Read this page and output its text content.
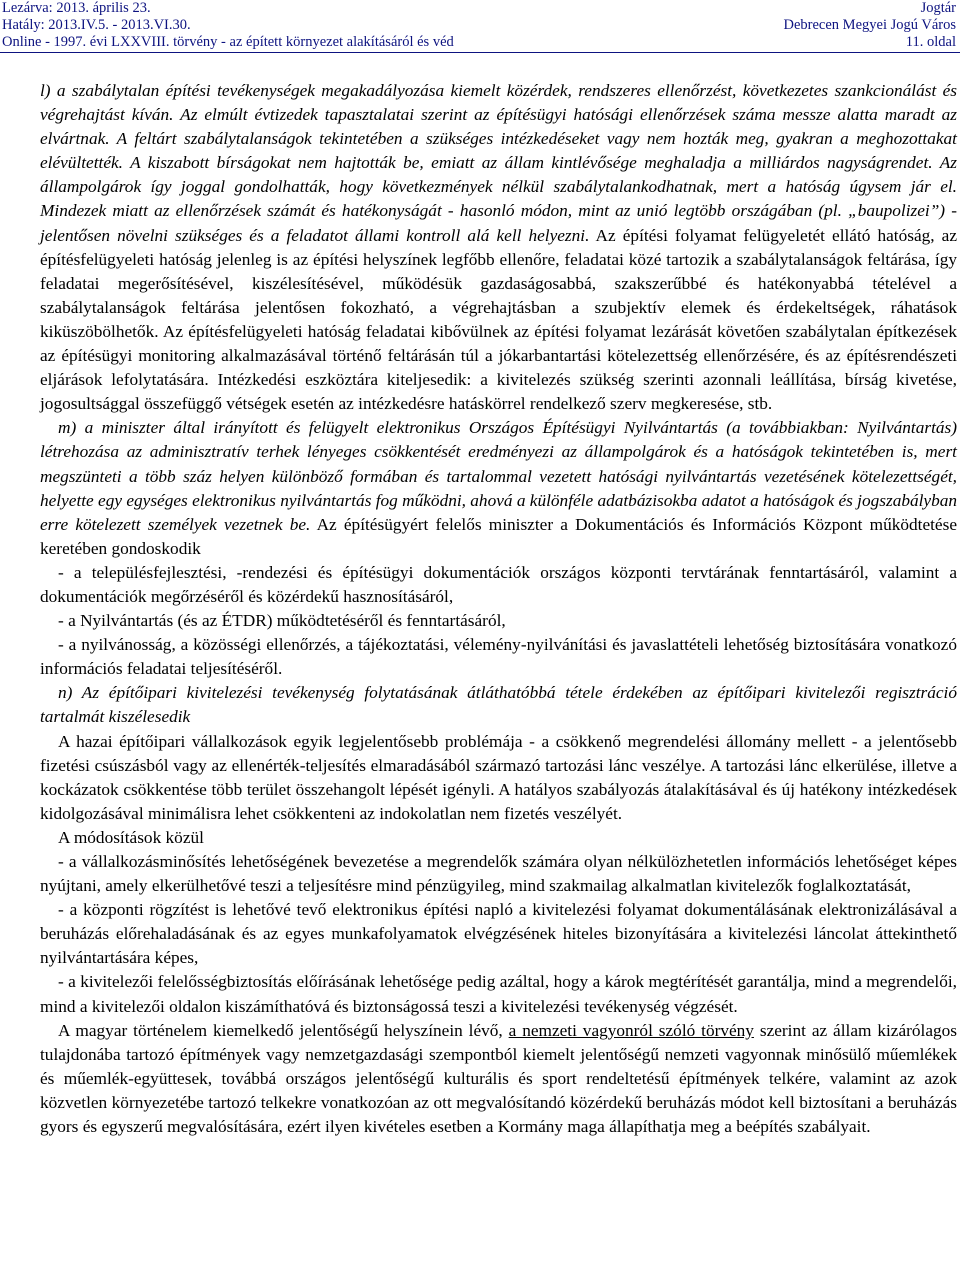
Lezárva: 2013. április 23.
Hatály: 2013.IV.5. - 2013.VI.30.
Online - 1997. évi LXXVIII. törvény - az épített környezet alakításáról és véd
Jogtár
Debrecen Megyei Jogú Város
11. oldal

l) a szabálytalan építési tevékenységek megakadályozása kiemelt közérdek, rendszeres ellenőrzést, következetes szankcionálást és végrehajtást kíván. Az elmúlt évtizedek tapasztalatai szerint az építésügyi hatósági ellenőrzések száma messze alatta maradt az elvártnak. A feltárt szabálytalanságok tekintetében a szükséges intézkedéseket vagy nem hozták meg, gyakran a meghozottakat elévültették. A kiszabott bírságokat nem hajtották be, emiatt az állam kintlévősége meghaladja a milliárdos nagyságrendet. Az állampolgárok így joggal gondolhatták, hogy következmények nélkül szabálytalankodhatnak, mert a hatóság úgysem jár el. Mindezek miatt az ellenőrzések számát és hatékonyságát - hasonló módon, mint az unió legtöbb országában (pl. „baupolizei”) - jelentősen növelni szükséges és a feladatot állami kontroll alá kell helyezni. Az építési folyamat felügyeletét ellátó hatóság, az építésfelügyeleti hatóság jelenleg is az építési helyszínek legfőbb ellenőre, feladatai közé tartozik a szabálytalanságok feltárása, így feladatai megerősítésével, kiszélesítésével, működésük gazdaságosabbá, szakszerűbbé és hatékonyabbá tételével a szabálytalanságok feltárása jelentősen fokozható, a végrehajtásban a szubjektív elemek és érdekeltségek, ráhatások kiküszöbölhetők. Az építésfelügyeleti hatóság feladatai kibővülnek az építési folyamat lezárását követően szabálytalan építkezések az építésügyi monitoring alkalmazásával történő feltárásán túl a jókarbantartási kötelezettség ellenőrzésére, és az építésrendészeti eljárások lefolytatására. Intézkedési eszköztára kiteljesedik: a kivitelezés szükség szerinti azonnali leállítása, bírság kivetése, jogosultsággal összefüggő vétségek esetén az intézkedésre hatáskörrel rendelkező szerv megkeresése, stb.

m) a miniszter által irányított és felügyelt elektronikus Országos Építésügyi Nyilvántartás (a továbbiakban: Nyilvántartás) létrehozása az adminisztratív terhek lényeges csökkentését eredményezi az állampolgárok és a hatóságok tekintetében is, mert megszünteti a több száz helyen különböző formában és tartalommal vezetett hatósági nyilvántartás vezetésének kötelezettségét, helyette egy egységes elektronikus nyilvántartás fog működni, ahová a különféle adatbázisokba adatot a hatóságok és jogszabályban erre kötelezett személyek vezetnek be. Az építésügyért felelős miniszter a Dokumentációs és Információs Központ működtetése keretében gondoskodik

- a településfejlesztési, -rendezési és építésügyi dokumentációk országos központi tervtárának fenntartásáról, valamint a dokumentációk megőrzéséről és közérdekű hasznosításáról,

- a Nyilvántartás (és az ÉTDR) működtetéséről és fenntartásáról,

- a nyilvánosság, a közösségi ellenőrzés, a tájékoztatási, vélemény-nyilvánítási és javaslattételi lehetőség biztosítására vonatkozó információs feladatai teljesítéséről.

n) Az építőipari kivitelezési tevékenység folytatásának átláthatóbbá tétele érdekében az építőipari kivitelezői regisztráció tartalmát kiszélesedik

A hazai építőipari vállalkozások egyik legjelentősebb problémája - a csökkenő megrendelési állomány mellett - a jelentősebb fizetési csúszásból vagy az ellenérték-teljesítés elmaradásából származó tartozási lánc veszélye. A tartozási lánc elkerülése, illetve a kockázatok csökkentése több terület összehangolt lépését igényli. A hatályos szabályozás átalakításával és új hatékony intézkedések kidolgozásával minimálisra lehet csökkenteni az indokolatlan nem fizetés veszélyét.

A módosítások közül

- a vállalkozásminősítés lehetőségének bevezetése a megrendelők számára olyan nélkülözhetetlen információs lehetőséget képes nyújtani, amely elkerülhetővé teszi a teljesítésre mind pénzügyileg, mind szakmailag alkalmatlan kivitelezők foglalkoztatását,

- a központi rögzítést is lehetővé tevő elektronikus építési napló a kivitelezési folyamat dokumentálásának elektronizálásával a beruházás előrehaladásának és az egyes munkafolyamatok elvégzésének hiteles bizonyítására a kivitelezési láncolat áttekinthető nyilvántartására képes,

- a kivitelezői felelősségbiztosítás előírásának lehetősége pedig azáltal, hogy a károk megtérítését garantálja, mind a megrendelői, mind a kivitelezői oldalon kiszámíthatóvá és biztonságossá teszi a kivitelezési tevékenység végzését.

A magyar történelem kiemelkedő jelentőségű helyszínein lévő, a nemzeti vagyonról szóló törvény szerint az állam kizárólagos tulajdonába tartozó építmények vagy nemzetgazdasági szempontból kiemelt jelentőségű nemzeti vagyonnak minősülő műemlékek és műemlék-együttesek, továbbá országos jelentőségű kulturális és sport rendeltetésű építmények telkére, valamint az azok közvetlen környezetébe tartozó telkekre vonatkozóan az ott megvalósítandó közérdekű beruházás módot kell biztosítani a beruházás gyors és egyszerű megvalósítására, ezért ilyen kivételes esetben a Kormány maga állapíthatja meg a beépítés szabályait.
